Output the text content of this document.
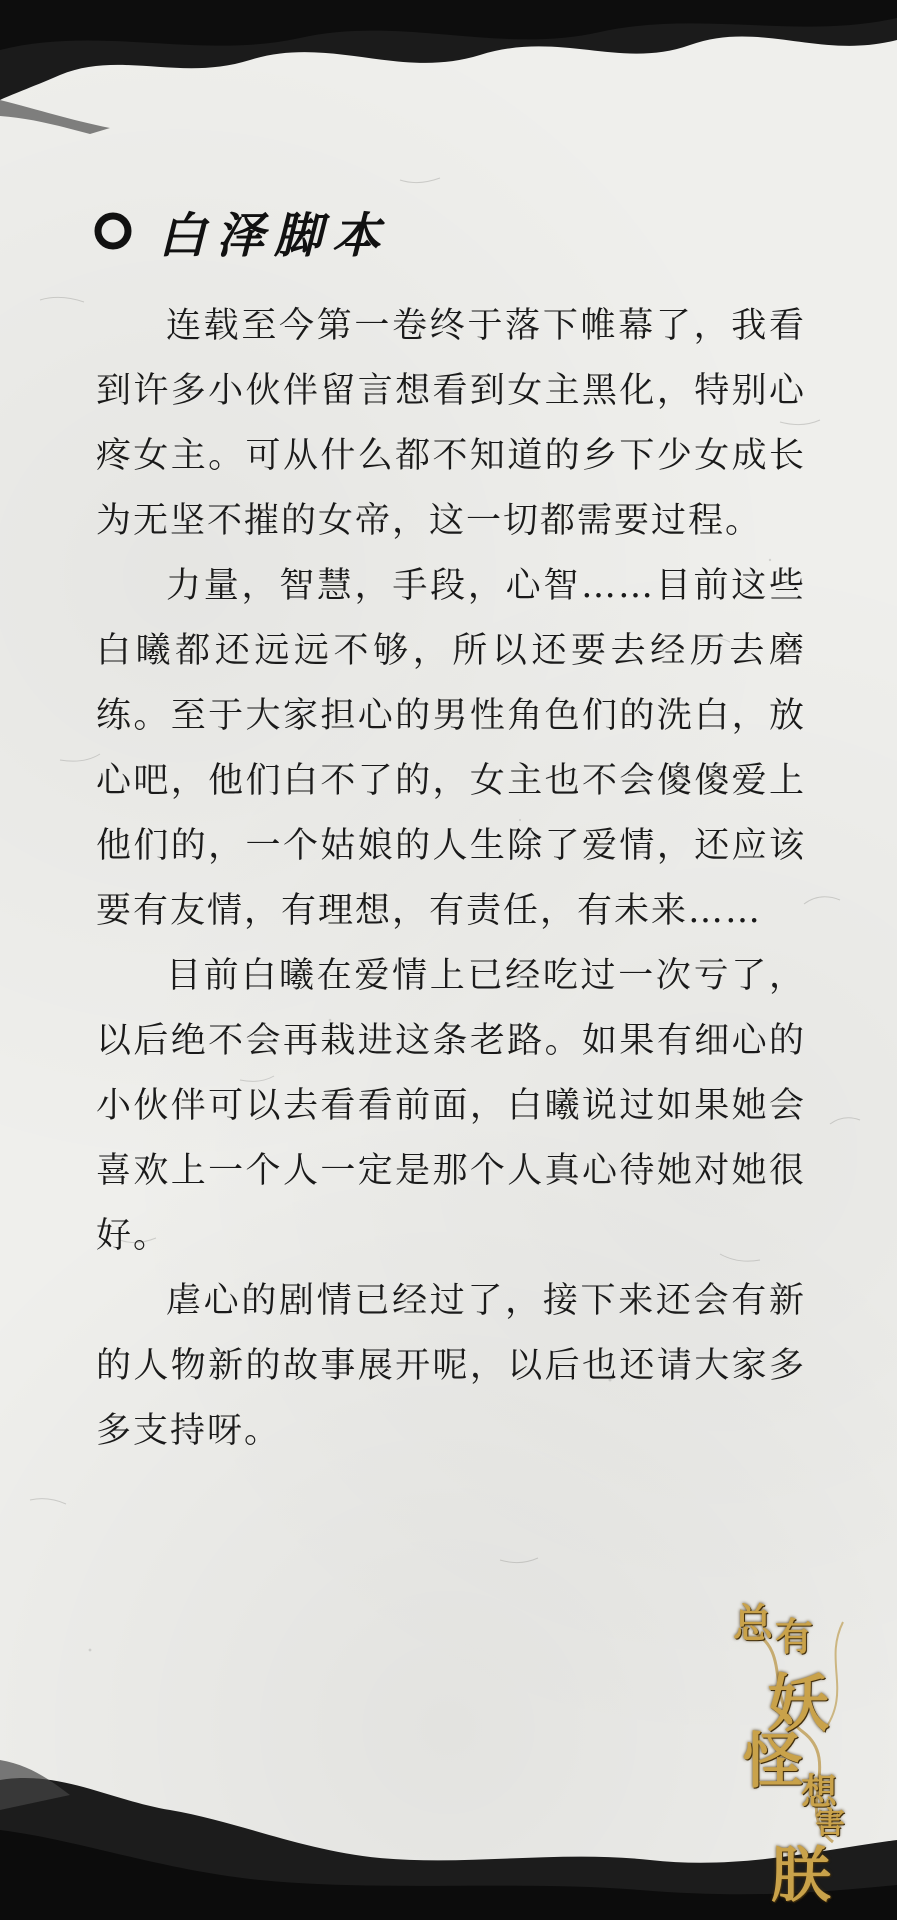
白泽脚本

连载至今第一卷终于落下帷幕了，我看到许多小伙伴留言想看到女主黑化，特别心疼女主。可从什么都不知道的乡下少女成长为无坚不摧的女帝，这一切都需要过程。

力量，智慧，手段，心智……目前这些白曦都还远远不够，所以还要去经历去磨练。至于大家担心的男性角色们的洗白，放心吧，他们白不了的，女主也不会傻傻爱上他们的，一个姑娘的人生除了爱情，还应该要有友情，有理想，有责任，有未来……

目前白曦在爱情上已经吃过一次亏了，以后绝不会再栽进这条老路。如果有细心的小伙伴可以去看看前面，白曦说过如果她会喜欢上一个人一定是那个人真心待她对她很好。

虐心的剧情已经过了，接下来还会有新的人物新的故事展开呢，以后也还请大家多多支持呀。

总 有
妖
怪
想
害
朕
